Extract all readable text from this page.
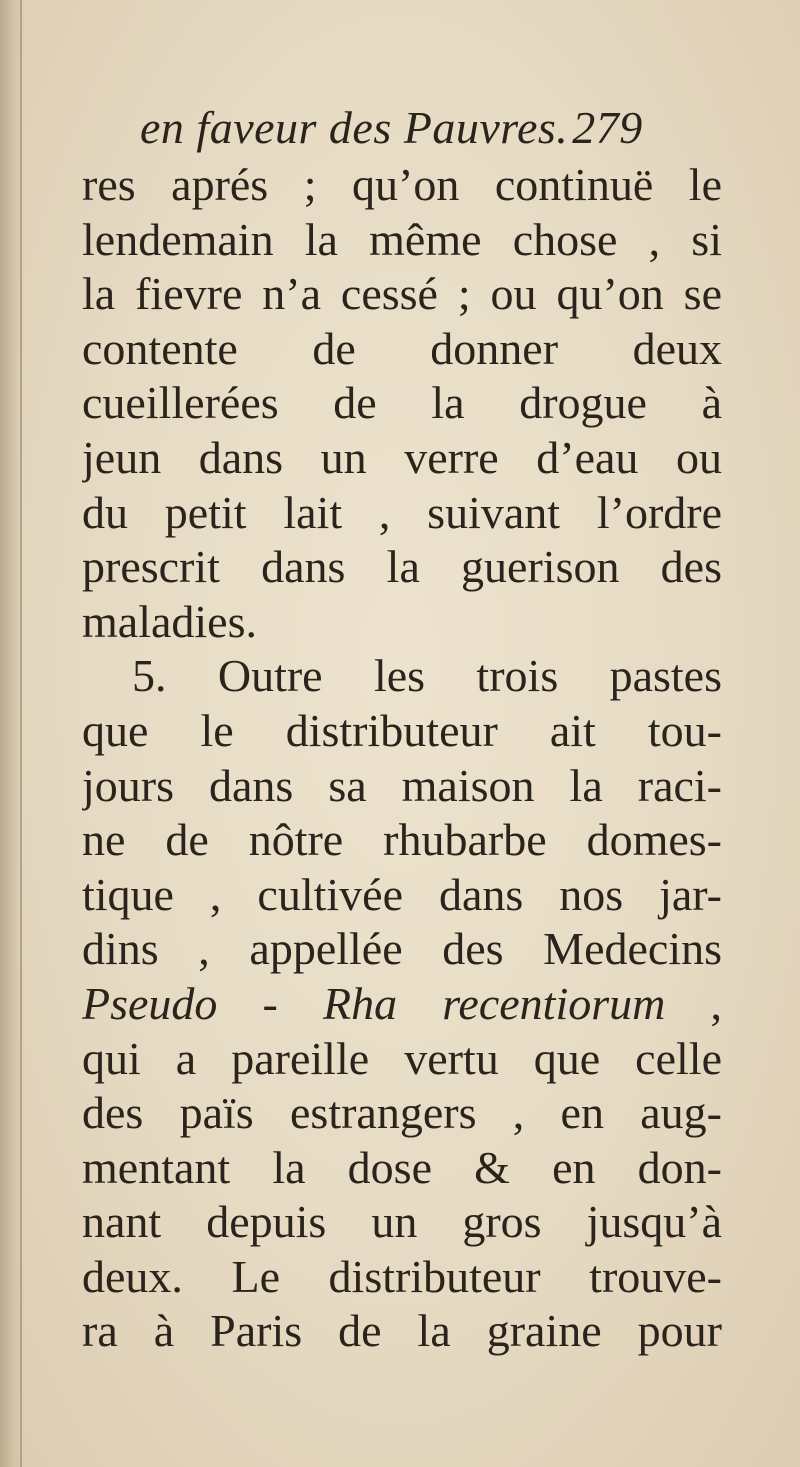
en faveur des Pauvres.279
res aprés ; qu’on continuë le
lendemain la même chose , si
la fievre n’a cessé ; ou qu’on se
contente de donner deux
cueillerées de la drogue à
jeun dans un verre d’eau ou
du petit lait , suivant l’ordre
prescrit dans la guerison des
maladies.
5. Outre les trois pastes
que le distributeur ait tou-
jours dans sa maison la raci-
ne de nôtre rhubarbe domes-
tique , cultivée dans nos jar-
dins , appellée des Medecins
Pseudo - Rha recentiorum ,
qui a pareille vertu que celle
des païs estrangers , en aug-
mentant la dose & en don-
nant depuis un gros jusqu’à
deux. Le distributeur trouve-
ra à Paris de la graine pour
